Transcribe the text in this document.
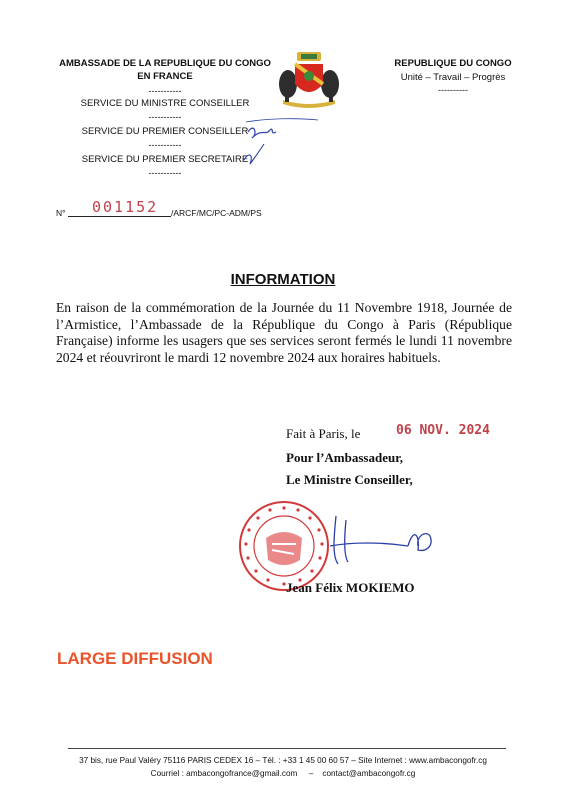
AMBASSADE DE LA REPUBLIQUE DU CONGO
EN FRANCE
-----------
SERVICE DU MINISTRE CONSEILLER
-----------
SERVICE DU PREMIER CONSEILLER
-----------
SERVICE DU PREMIER SECRETAIRE
-----------
REPUBLIQUE DU CONGO
Unité – Travail – Progrès
----------
N° 001152 /ARCF/MC/PC-ADM/PS
INFORMATION
En raison de la commémoration de la Journée du 11 Novembre 1918, Journée de l’Armistice, l’Ambassade de la République du Congo à Paris (République Française) informe les usagers que ses services seront fermés le lundi 11 novembre 2024 et réouvriront le mardi 12 novembre 2024 aux horaires habituels.
Fait à Paris, le	06 NOV. 2024
Pour l’Ambassadeur,
Le Ministre Conseiller,
Jean Félix MOKIEMO
LARGE DIFFUSION
37 bis, rue Paul Valéry 75116 PARIS CEDEX 16 – Tél. : +33 1 45 00 60 57 – Site Internet : www.ambacongofr.cg
Courriel : ambacongofrance@gmail.com     –    contact@ambacongofr.cg
